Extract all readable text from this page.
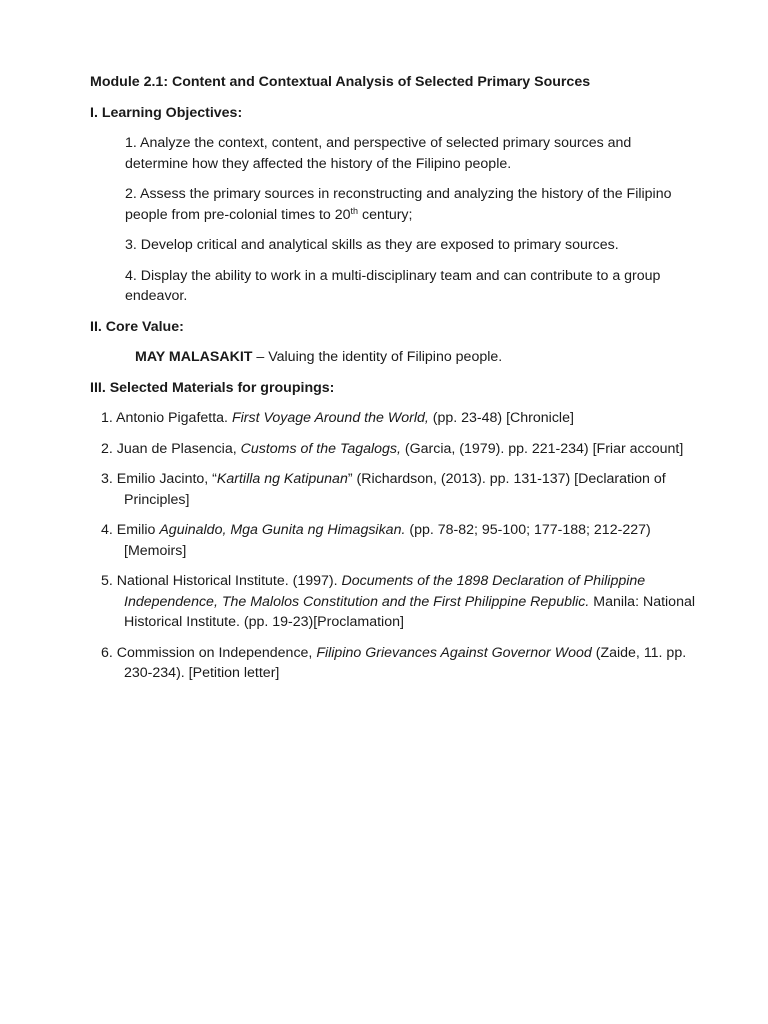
Module 2.1: Content and Contextual Analysis of Selected Primary Sources
I. Learning Objectives:
1. Analyze the context, content, and perspective of selected primary sources and determine how they affected the history of the Filipino people.
2. Assess the primary sources in reconstructing and analyzing the history of the Filipino people from pre-colonial times to 20th century;
3. Develop critical and analytical skills as they are exposed to primary sources.
4. Display the ability to work in a multi-disciplinary team and can contribute to a group endeavor.
II. Core Value:
MAY MALASAKIT – Valuing the identity of Filipino people.
III. Selected Materials for groupings:
1. Antonio Pigafetta. First Voyage Around the World, (pp. 23-48) [Chronicle]
2. Juan de Plasencia, Customs of the Tagalogs, (Garcia, (1979). pp. 221-234) [Friar account]
3. Emilio Jacinto, “Kartilla ng Katipunan” (Richardson, (2013). pp. 131-137) [Declaration of Principles]
4. Emilio Aguinaldo, Mga Gunita ng Himagsikan. (pp. 78-82; 95-100; 177-188; 212-227) [Memoirs]
5. National Historical Institute. (1997). Documents of the 1898 Declaration of Philippine Independence, The Malolos Constitution and the First Philippine Republic. Manila: National Historical Institute. (pp. 19-23)[Proclamation]
6. Commission on Independence, Filipino Grievances Against Governor Wood (Zaide, 11. pp. 230-234). [Petition letter]
